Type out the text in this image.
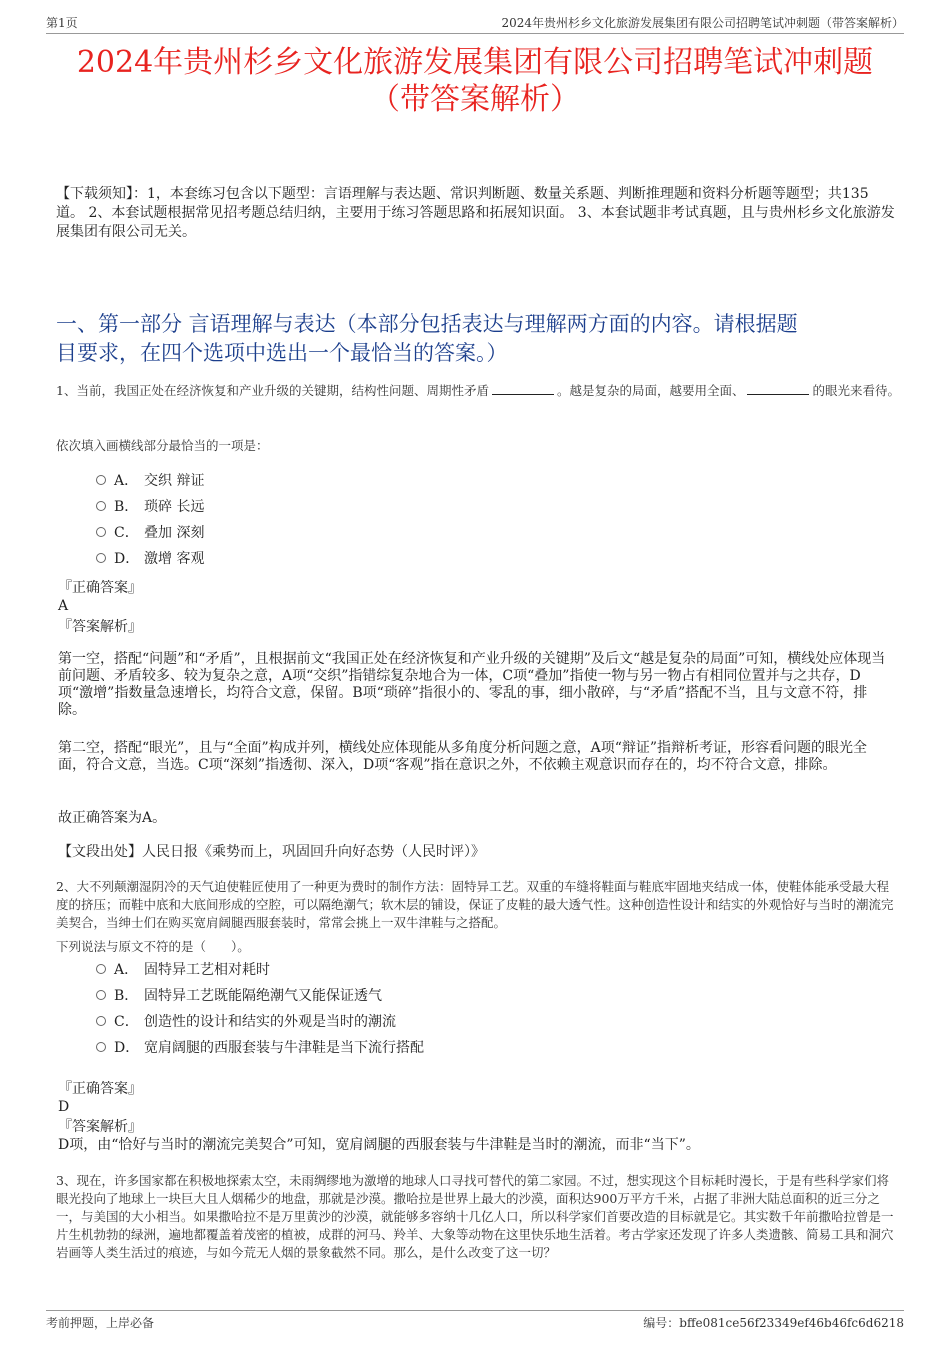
第1页	2024年贵州杉乡文化旅游发展集团有限公司招聘笔试冲刺题（带答案解析）
2024年贵州杉乡文化旅游发展集团有限公司招聘笔试冲刺题
（带答案解析）
【下载须知】：1，本套练习包含以下题型：言语理解与表达题、常识判断题、数量关系题、判断推理题和资料分析题等题型；共135道。 2、本套试题根据常见招考题总结归纳，主要用于练习答题思路和拓展知识面。 3、本套试题非考试真题，且与贵州杉乡文化旅游发展集团有限公司无关。
一、第一部分 言语理解与表达（本部分包括表达与理解两方面的内容。请根据题
目要求，在四个选项中选出一个最恰当的答案。）
1、当前，我国正处在经济恢复和产业升级的关键期，结构性问题、周期性矛盾	。越是复杂的局面，越要用全面、	的眼光来看待。
依次填入画横线部分最恰当的一项是：
A． 交织 辩证
B． 琐碎 长远
C． 叠加 深刻
D． 激增 客观
『正确答案』
A
『答案解析』
第一空，搭配“问题”和“矛盾”，且根据前文“我国正处在经济恢复和产业升级的关键期”及后文“越是复杂的局面”可知，横线处应体现当前问题、矛盾较多、较为复杂之意，A项“交织”指错综复杂地合为一体，C项“叠加”指使一物与另一物占有相同位置并与之共存，D项“激增”指数量急速增长，均符合文意，保留。B项“琐碎”指很小的、零乱的事，细小散碎，与“矛盾”搭配不当，且与文意不符，排除。
第二空，搭配“眼光”，且与“全面”构成并列，横线处应体现能从多角度分析问题之意，A项“辩证”指辩析考证，形容看问题的眼光全面，符合文意，当选。C项“深刻”指透彻、深入，D项“客观”指在意识之外，不依赖主观意识而存在的，均不符合文意，排除。
故正确答案为A。
【文段出处】人民日报《乘势而上，巩固回升向好态势（人民时评）》
2、大不列颠潮湿阴冷的天气迫使鞋匠使用了一种更为费时的制作方法：固特异工艺。双重的车缝将鞋面与鞋底牢固地夹结成一体，使鞋体能承受最大程度的挤压；而鞋中底和大底间形成的空腔，可以隔绝潮气；软木层的铺设，保证了皮鞋的最大透气性。这种创造性设计和结实的外观恰好与当时的潮流完美契合，当绅士们在购买宽肩阔腿西服套装时，常常会挑上一双牛津鞋与之搭配。
下列说法与原文不符的是（　　）。
A． 固特异工艺相对耗时
B． 固特异工艺既能隔绝潮气又能保证透气
C． 创造性的设计和结实的外观是当时的潮流
D． 宽肩阔腿的西服套装与牛津鞋是当下流行搭配
『正确答案』
D
『答案解析』
D项，由“恰好与当时的潮流完美契合”可知，宽肩阔腿的西服套装与牛津鞋是当时的潮流，而非“当下”。
3、现在，许多国家都在积极地探索太空，未雨绸缪地为激增的地球人口寻找可替代的第二家园。不过，想实现这个目标耗时漫长，于是有些科学家们将眼光投向了地球上一块巨大且人烟稀少的地盘，那就是沙漠。撒哈拉是世界上最大的沙漠，面积达900万平方千米，占据了非洲大陆总面积的近三分之一，与美国的大小相当。如果撒哈拉不是万里黄沙的沙漠，就能够多容纳十几亿人口，所以科学家们首要改造的目标就是它。其实数千年前撒哈拉曾是一片生机勃勃的绿洲，遍地都覆盖着茂密的植被，成群的河马、羚羊、大象等动物在这里快乐地生活着。考古学家还发现了许多人类遗骸、简易工具和洞穴岩画等人类生活过的痕迹，与如今荒无人烟的景象截然不同。那么，是什么改变了这一切？
考前押题，上岸必备	编号：bffe081ce56f23349ef46b46fc6d6218
